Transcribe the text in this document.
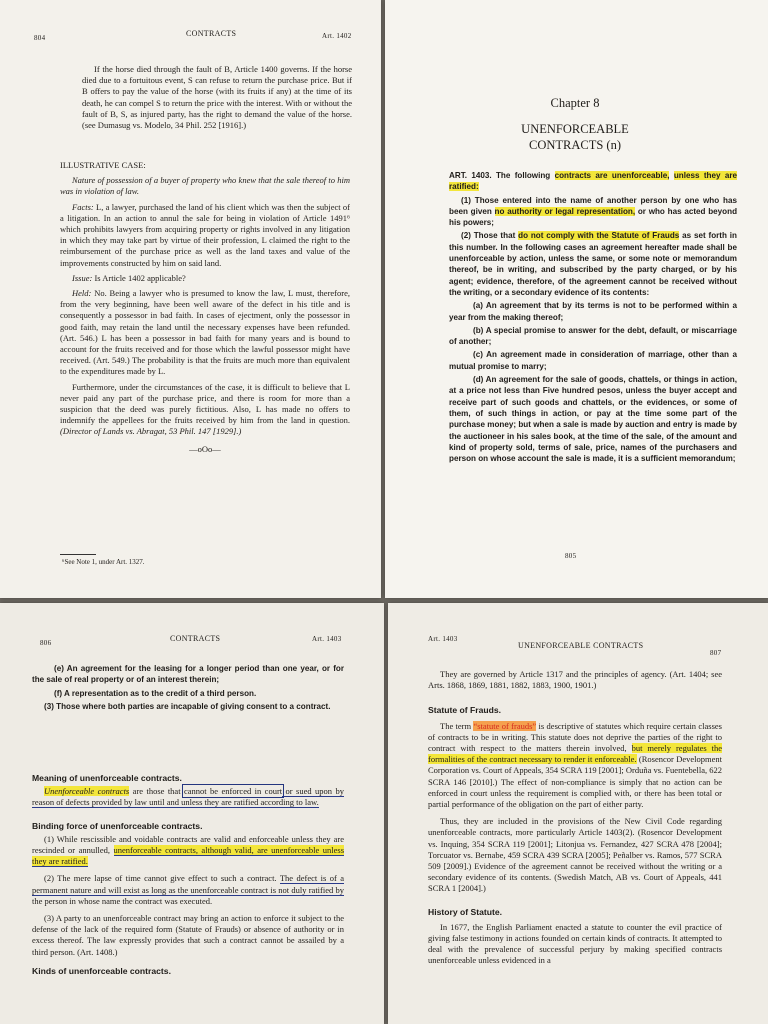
804	CONTRACTS	Art. 1402

If the horse died through the fault of B, Article 1400 governs. If the horse died due to a fortuitous event, S can refuse to return the purchase price. But if B offers to pay the value of the horse (with its fruits if any) at the time of its death, he can compel S to return the price with the interest. With or without the fault of B, S, as injured party, has the right to demand the value of the horse. (see Dumasug vs. Modelo, 34 Phil. 252 [1916].)

ILLUSTRATIVE CASE:

Nature of possession of a buyer of property who knew that the sale thereof to him was in violation of law.

Facts: L, a lawyer, purchased the land of his client which was then the subject of a litigation. In an action to annul the sale for being in violation of Article 1491⁶ which prohibits lawyers from acquiring property or rights involved in any litigation in which they may take part by virtue of their profession, L claimed the right to the reimbursement of the purchase price as well as the land taxes and value of the improvements constructed by him on said land.

Issue: Is Article 1402 applicable?

Held: No. Being a lawyer who is presumed to know the law, L must, therefore, from the very beginning, have been well aware of the defect in his title and is consequently a possessor in bad faith. In cases of ejectment, only the possessor in good faith, may retain the land until the necessary expenses have been refunded. (Art. 546.) L has been a possessor in bad faith for many years and is bound to account for the fruits received and for those which the lawful possessor might have received. (Art. 549.) The probability is that the fruits are much more than equivalent to the expenditures made by L.

Furthermore, under the circumstances of the case, it is difficult to believe that L never paid any part of the purchase price, and there is room for more than a suspicion that the deed was purely fictitious. Also, L has made no offers to indemnify the appellees for the fruits received by him from the land in question. (Director of Lands vs. Abragat, 53 Phil. 147 [1929].)

—oOo—
⁶See Note 1, under Art. 1327.
Chapter 8
UNENFORCEABLE
CONTRACTS (n)

ART. 1403. The following contracts are unenforceable, unless they are ratified:

(1) Those entered into the name of another person by one who has been given no authority or legal representation, or who has acted beyond his powers;

(2) Those that do not comply with the Statute of Frauds as set forth in this number. In the following cases an agreement hereafter made shall be unenforceable by action, unless the same, or some note or memorandum thereof, be in writing, and subscribed by the party charged, or by his agent; evidence, therefore, of the agreement cannot be received without the writing, or a secondary evidence of its contents:

(a) An agreement that by its terms is not to be performed within a year from the making thereof;

(b) A special promise to answer for the debt, default, or miscarriage of another;

(c) An agreement made in consideration of marriage, other than a mutual promise to marry;

(d) An agreement for the sale of goods, chattels, or things in action, at a price not less than Five hundred pesos, unless the buyer accept and receive part of such goods and chattels, or the evidences, or some of them, of such things in action, or pay at the time some part of the purchase money; but when a sale is made by auction and entry is made by the auctioneer in his sales book, at the time of the sale, of the amount and kind of property sold, terms of sale, price, names of the purchasers and person on whose account the sale is made, it is a sufficient memorandum;

805
806	CONTRACTS	Art. 1403

(e) An agreement for the leasing for a longer period than one year, or for the sale of real property or of an interest therein;

(f) A representation as to the credit of a third person.

(3) Those where both parties are incapable of giving consent to a contract.

Meaning of unenforceable contracts.

Unenforceable contracts are those that cannot be enforced in court or sued upon by reason of defects provided by law until and unless they are ratified according to law.

Binding force of unenforceable contracts.

(1) While rescissible and voidable contracts are valid and enforceable unless they are rescinded or annulled, unenforceable contracts, although valid, are unenforceable unless they are ratified.

(2) The mere lapse of time cannot give effect to such a contract. The defect is of a permanent nature and will exist as long as the unenforceable contract is not duly ratified by the person in whose name the contract was executed.

(3) A party to an unenforceable contract may bring an action to enforce it subject to the defense of the lack of the required form (Statute of Frauds) or absence of authority or in excess thereof. The law expressly provides that such a contract cannot be assailed by a third person. (Art. 1408.)

Kinds of unenforceable contracts.
Art. 1403
UNENFORCEABLE CONTRACTS
807

They are governed by Article 1317 and the principles of agency. (Art. 1404; see Arts. 1868, 1869, 1881, 1882, 1883, 1900, 1901.)

Statute of Frauds.

The term “statute of frauds” is descriptive of statutes which require certain classes of contracts to be in writing. This statute does not deprive the parties of the right to contract with respect to the matters therein involved, but merely regulates the formalities of the contract necessary to render it enforceable. (Rosencor Development Corporation vs. Court of Appeals, 354 SCRA 119 [2001]; Orduña vs. Fuentebella, 622 SCRA 146 [2010].) The effect of non-compliance is simply that no action can be enforced in court unless the requirement is complied with, or there has been total or partial performance of the obligation on the part of either party.

Thus, they are included in the provisions of the New Civil Code regarding unenforceable contracts, more particularly Article 1403(2). (Rosencor Development vs. Inquing, 354 SCRA 119 [2001]; Litonjua vs. Fernandez, 427 SCRA 478 [2004]; Torcuator vs. Bernabe, 459 SCRA 439 SCRA [2005]; Peñalber vs. Ramos, 577 SCRA 509 [2009].) Evidence of the agreement cannot be received without the writing or a secondary evidence of its contents. (Swedish Match, AB vs. Court of Appeals, 441 SCRA 1 [2004].)

History of Statute.

In 1677, the English Parliament enacted a statute to counter the evil practice of giving false testimony in actions founded on certain kinds of contracts. It attempted to deal with the prevalence of successful perjury by making specified contracts unenforceable unless evidenced in a
